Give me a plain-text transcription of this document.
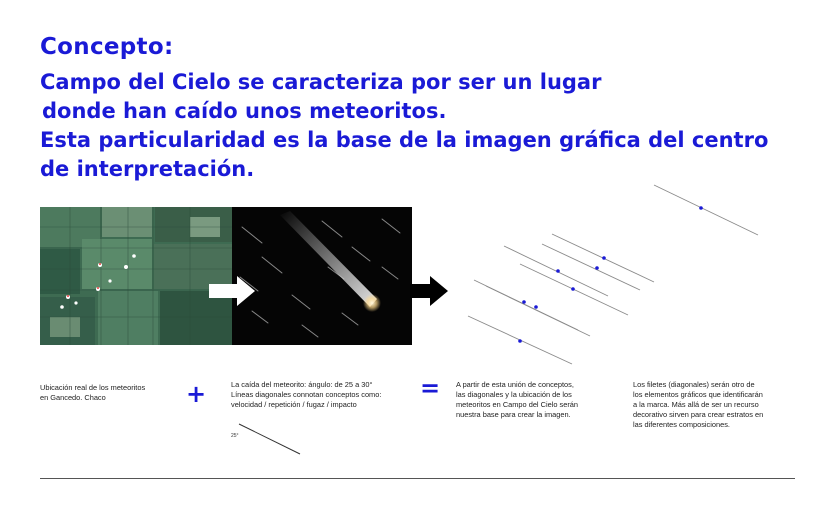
Concepto:
Campo del Cielo se caracteriza por ser un lugar
donde han caído unos meteoritos.
Esta particularidad es la base de la imagen gráfica del centro
de interpretación.
Ubicación real de los meteoritos
en Gancedo. Chaco	+	La caída del meteorito: ángulo: de 25 a 30°
Líneas diagonales connotan conceptos como:
velocidad / repetición / fugaz / impacto
= A partir de esta unión de conceptos,
las diagonales y la ubicación de los
meteoritos en Campo del Cielo serán
nuestra base para crear la imagen.
Los filetes (diagonales) serán otro de
los elementos gráficos que identificarán
a la marca. Más allá de ser un recurso
decorativo sirven para crear estratos en
las diferentes composiciones.
25°
